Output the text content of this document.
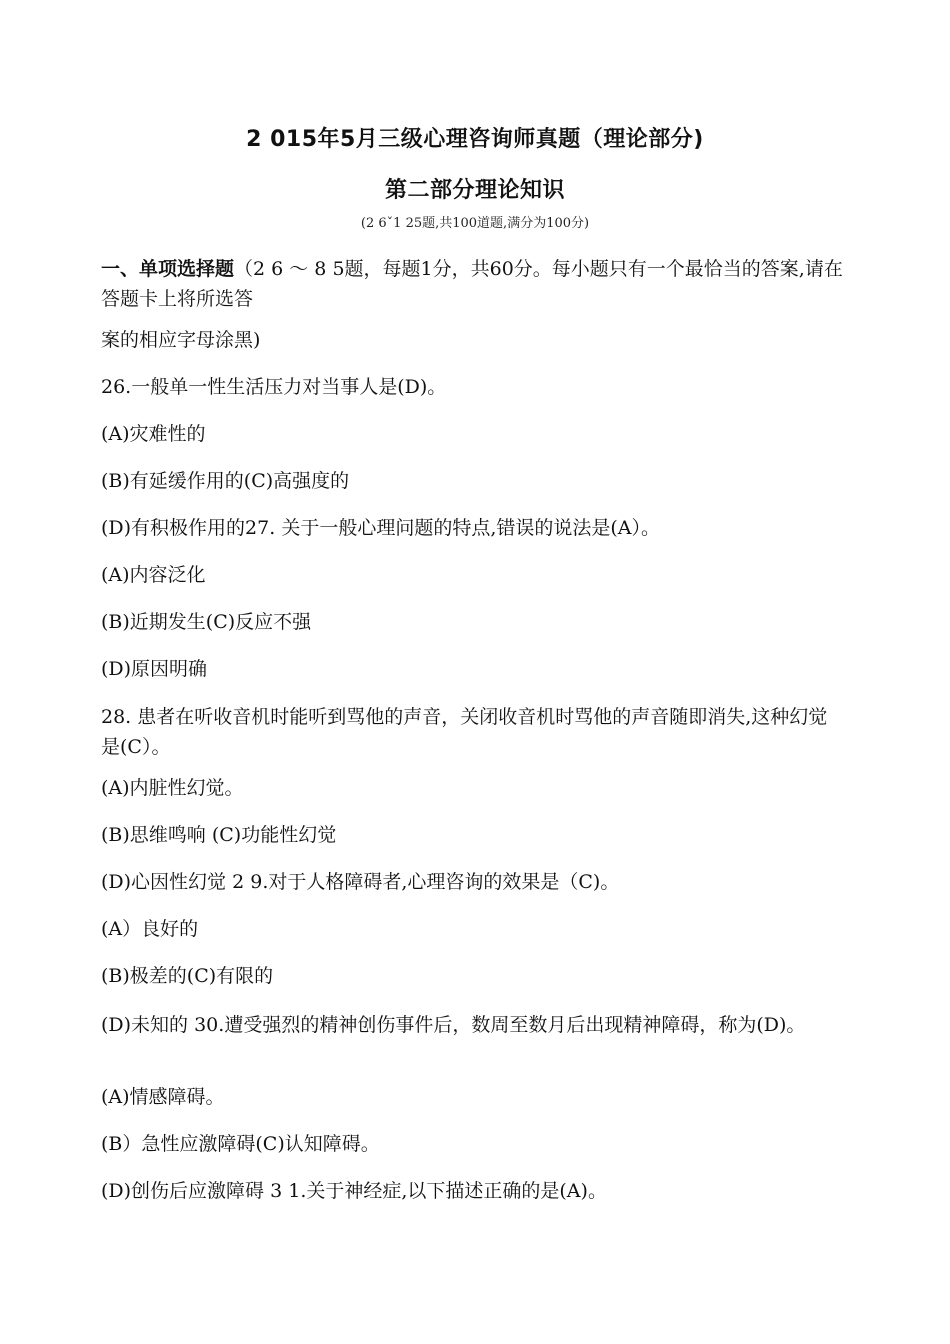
2 015年5月三级心理咨询师真题（理论部分)
第二部分理论知识
(2 6ˇ1 25题,共100道题,满分为100分)
一、单项选择题（2 6 ～ 8 5题，每题1分，共60分。每小题只有一个最恰当的答案,请在答题卡上将所选答
案的相应字母涂黑)
26.一般单一性生活压力对当事人是(D)。
(A)灾难性的
(B)有延缓作用的(C)高强度的
(D)有积极作用的27. 关于一般心理问题的特点,错误的说法是(A）。
(A)内容泛化
(B)近期发生(C)反应不强
(D)原因明确
28. 患者在听收音机时能听到骂他的声音，关闭收音机时骂他的声音随即消失,这种幻觉是(C）。
(A)内脏性幻觉。
(B)思维鸣响 (C)功能性幻觉
(D)心因性幻觉 2 9.对于人格障碍者,心理咨询的效果是（C)。
(A）良好的
(B)极差的(C)有限的
(D)未知的 30.遭受强烈的精神创伤事件后，数周至数月后出现精神障碍，称为(D)。
(A)情感障碍。
(B）急性应激障碍(C)认知障碍。
(D)创伤后应激障碍 3 1.关于神经症,以下描述正确的是(A)。
